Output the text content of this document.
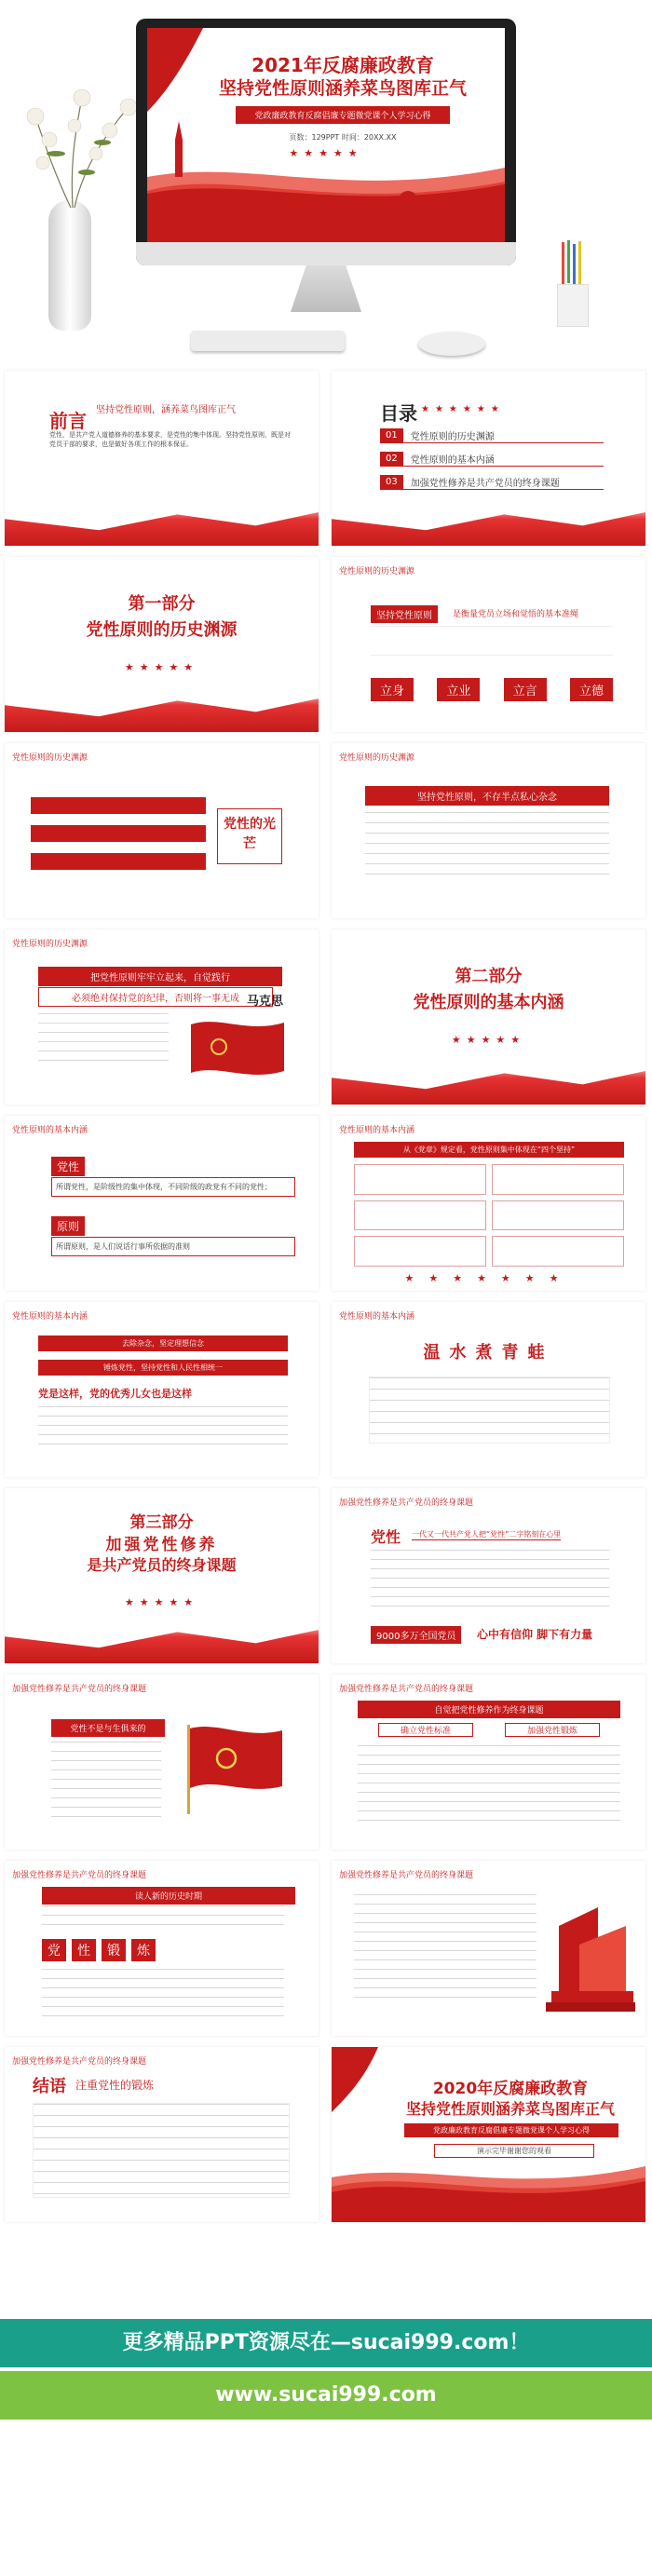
2021年反腐廉政教育
坚持党性原则涵养菜鸟图库正气
党政廉政教育反腐倡廉专题微党课个人学习心得
页数：129PPT 时间：20XX.XX
★★★★★
前言 坚持党性原则，涵养菜鸟图库正气
党性，是共产党人道德修养的基本要求，是党性的集中体现。坚持党性原则，既是对党员干部的要求，也是做好各项工作的根本保证。
目录 ★★★★★★
01	党性原则的历史渊源
02	党性原则的基本内涵
03	加强党性修养是共产党员的终身课题
第一部分
党性原则的历史渊源
★★★★★
党性原则的历史渊源
坚持党性原则	是衡量党员立场和觉悟的基本准绳
立身	立业	立言	立德
党性原则的历史渊源
党性的光芒
党性原则的历史渊源
坚持党性原则，不存半点私心杂念
党性原则的历史渊源
把党性原则牢牢立起来，自觉践行
必须绝对保持党的纪律，否则将一事无成 马克思
第二部分
党性原则的基本内涵
★★★★★
党性原则的基本内涵
党性
所谓党性，是阶级性的集中体现，不同阶级的政党有不同的党性；
原则
所谓原则，是人们说话行事所依据的准则
党性原则的基本内涵
从《党章》规定看，党性原则集中体现在“四个坚持”
★★★★★★★
党性原则的基本内涵
去除杂念，坚定理想信念
锤炼党性，坚持党性和人民性相统一
党是这样，党的优秀儿女也是这样
党性原则的基本内涵
温水煮青蛙
第三部分
加强党性修养
是共产党员的终身课题
★★★★★
加强党性修养是共产党员的终身课题
党性 一代又一代共产党人把“党性”二字铭刻在心里
9000多万全国党员	心中有信仰 脚下有力量
加强党性修养是共产党员的终身课题
党性不是与生俱来的
加强党性修养是共产党员的终身课题
自觉把党性修养作为终身课题
确立党性标准	加强党性锻炼
加强党性修养是共产党员的终身课题
读人新的历史时期
党	性	锻	炼
加强党性修养是共产党员的终身课题
加强党性修养是共产党员的终身课题
结语 注重党性的锻炼	2020年反腐廉政教育
坚持党性原则涵养菜鸟图库正气
党政廉政教育反腐倡廉专题微党课个人学习心得
演示完毕谢谢您的观看
更多精品PPT资源尽在—sucai999.com！
www.sucai999.com
